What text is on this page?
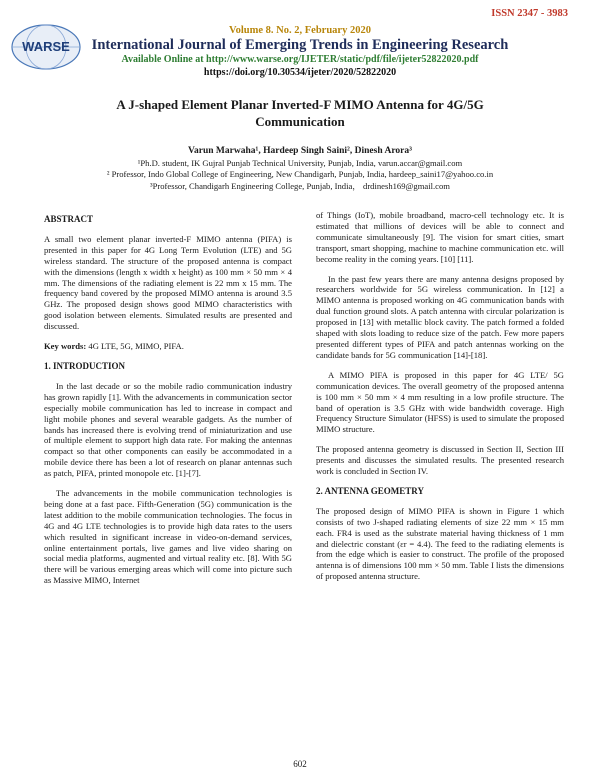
WARSE
ISSN 2347 - 3983
Volume 8. No. 2, February 2020
International Journal of Emerging Trends in Engineering Research
Available Online at http://www.warse.org/IJETER/static/pdf/file/ijeter52822020.pdf
https://doi.org/10.30534/ijeter/2020/52822020
A J-shaped Element Planar Inverted-F MIMO Antenna for 4G/5G
Communication
Varun Marwaha¹, Hardeep Singh Saini², Dinesh Arora³
¹Ph.D. student, IK Gujral Punjab Technical University, Punjab, India, varun.accar@gmail.com
² Professor, Indo Global College of Engineering, New Chandigarh, Punjab, India, hardeep_saini17@yahoo.co.in
³Professor, Chandigarh Engineering College, Punjab, India， drdinesh169@gmail.com
ABSTRACT

A small two element planar inverted-F MIMO antenna (PIFA) is presented in this paper for 4G Long Term Evolution (LTE) and 5G wireless standard. The structure of the proposed antenna is compact with the dimensions (length x width x height) as 100 mm × 50 mm × 4 mm. The dimensions of the radiating element is 22 mm x 15 mm. The frequency band covered by the proposed MIMO antenna is around 3.5 GHz. The proposed design shows good MIMO characteristics with good isolation between elements. Simulated results are presented and discussed.

Key words: 4G LTE, 5G, MIMO, PIFA.

1. INTRODUCTION

In the last decade or so the mobile radio communication industry has grown rapidly [1]. With the advancements in communication sector especially mobile communication has led to increase in compact and light mobile phones and several wearable gadgets. As the number of bands has increased there is evolving trend of miniaturization and use of multiple element to support high data rate. For making the antennas compact so that other components can easily be accommodated in a mobile device there has been a lot of research on planar antennas such as patch, PIFA, printed monopole etc. [1]-[7].

The advancements in the mobile communication technologies is being done at a fast pace. Fifth-Generation (5G) communication is the latest addition to the mobile communication technologies. The focus in 4G and 4G LTE technologies is to provide high data rates to the users which resulted in significant increase in video-on-demand services, online entertainment portals, live games and live video sharing on social media platforms, augmented and virtual reality etc. [8]. With 5G there will be various emerging areas which will come into picture such as Massive MIMO, Internet

of Things (IoT), mobile broadband, macro-cell technology etc. It is estimated that millions of devices will be able to connect and communicate simultaneously [9]. The vision for smart cities, smart transport, smart shopping, machine to machine communication etc. will become reality in the coming years. [10] [11].

In the past few years there are many antenna designs proposed by researchers worldwide for 5G wireless communication. In [12] a MIMO antenna is proposed working on 4G communication bands with dual function ground slots. A patch antenna with circular polarization is proposed in [13] with metallic block cavity. The patch formed a folded shaped with slots loading to reduce size of the patch. Few more papers presented different types of PIFA and patch antennas working on the candidate bands for 5G communication [14]-[18].

A MIMO PIFA is proposed in this paper for 4G LTE/ 5G communication devices. The overall geometry of the proposed antenna is 100 mm × 50 mm × 4 mm resulting in a low profile structure. The band of operation is 3.5 GHz with wide bandwidth coverage. High Frequency Structure Simulator (HFSS) is used to simulate the proposed MIMO structure.

The proposed antenna geometry is discussed in Section II, Section III presents and discusses the simulated results. The presented research work is concluded in Section IV.

2. ANTENNA GEOMETRY

The proposed design of MIMO PIFA is shown in Figure 1 which consists of two J-shaped radiating elements of size 22 mm × 15 mm each. FR4 is used as the substrate material having thickness of 1 mm and dielectric constant (εr = 4.4). The feed to the radiating elements is from the edge which is easier to construct. The profile of the proposed antenna is of dimensions 100 mm × 50 mm. Table I lists the dimensions of proposed antenna structure.

602
